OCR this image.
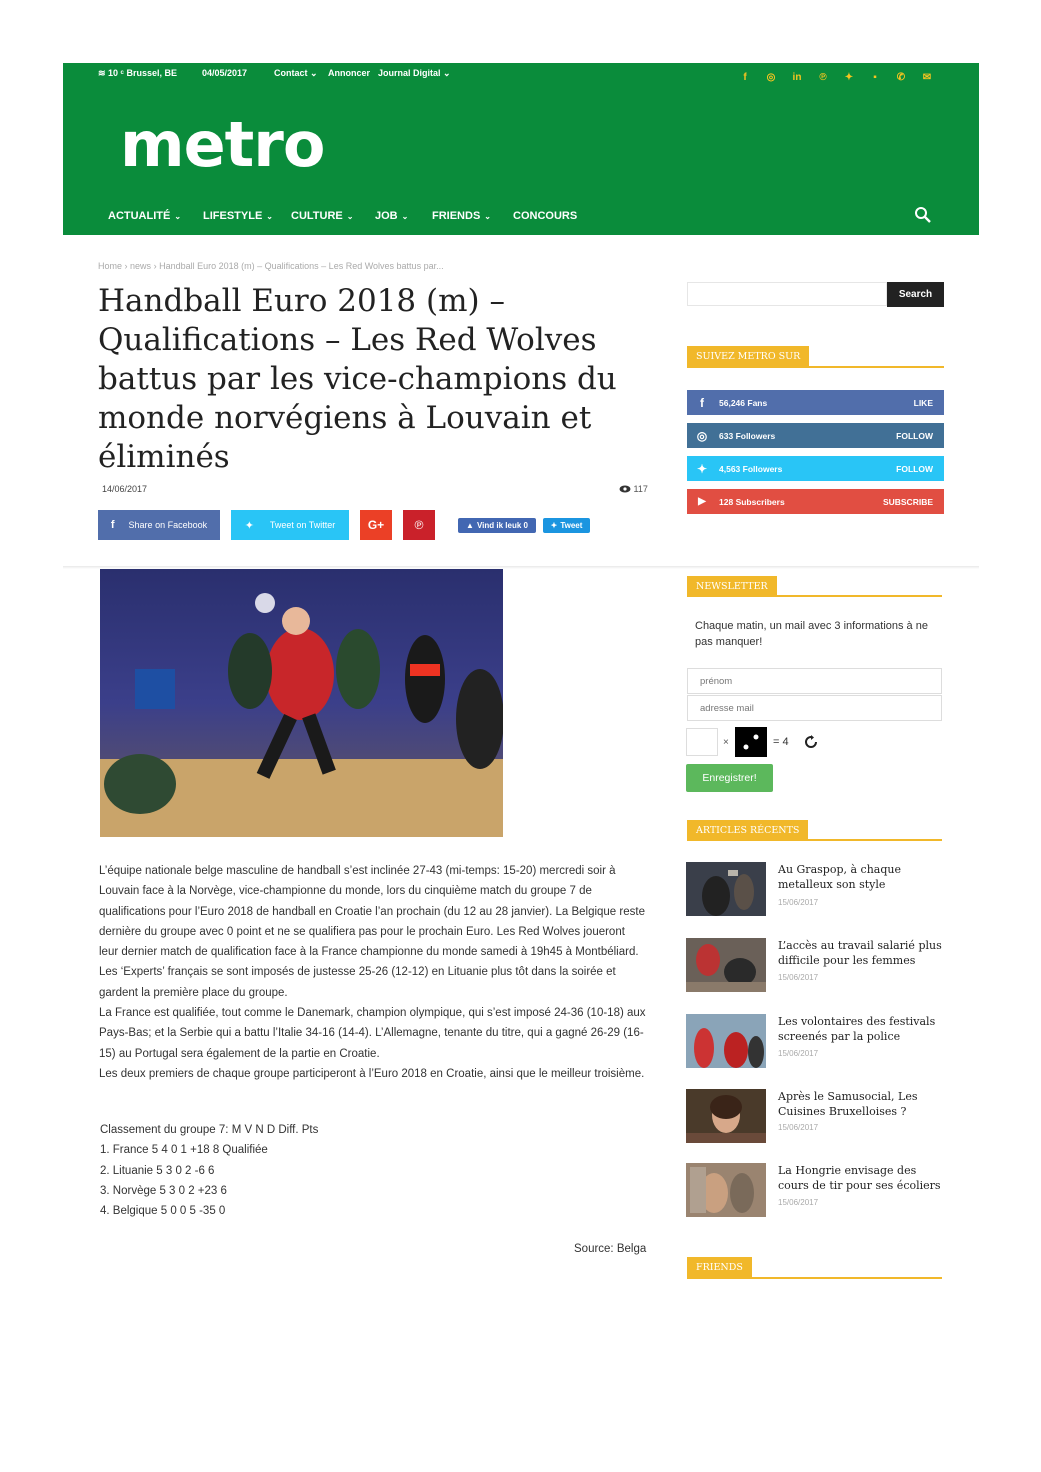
≋ 10 ᶜ Brussel, BE	04/05/2017	Contact ⌄ Annoncer Journal Digital ⌄	f ◎ in ℗ ✦ ▪ ✆ ✉
metro
ACTUALITÉ ⌄ LIFESTYLE ⌄ CULTURE ⌄ JOB ⌄ FRIENDS ⌄ CONCOURS
Home › news › Handball Euro 2018 (m) – Qualifications – Les Red Wolves battus par...
Handball Euro 2018 (m) – Qualifications – Les Red Wolves battus par les vice-champions du monde norvégiens à Louvain et éliminés
14/06/2017	117
f Share on Facebook	✦ Tweet on Twitter	G+	℗	▲ Vind ik leuk 0	✦ Tweet

L’équipe nationale belge masculine de handball s’est inclinée 27-43 (mi-temps: 15-20) mercredi soir à Louvain face à la Norvège, vice-championne du monde, lors du cinquième match du groupe 7 de qualifications pour l’Euro 2018 de handball en Croatie l’an prochain (du 12 au 28 janvier). La Belgique reste dernière du groupe avec 0 point et ne se qualifiera pas pour le prochain Euro. Les Red Wolves joueront leur dernier match de qualification face à la France championne du monde samedi à 19h45 à Montbéliard. Les ‘Experts’ français se sont imposés de justesse 25-26 (12-12) en Lituanie plus tôt dans la soirée et gardent la première place du groupe.

La France est qualifiée, tout comme le Danemark, champion olympique, qui s’est imposé 24-36 (10-18) aux Pays-Bas; et la Serbie qui a battu l’Italie 34-16 (14-4). L’Allemagne, tenante du titre, qui a gagné 26-29 (16-15) au Portugal sera également de la partie en Croatie.

Les deux premiers de chaque groupe participeront à l’Euro 2018 en Croatie, ainsi que le meilleur troisième.

Classement du groupe 7: M V N D Diff. Pts
1. France 5 4 0 1 +18 8 Qualifiée
2. Lituanie 5 3 0 2 -6 6
3. Norvège 5 3 0 2 +23 6
4. Belgique 5 0 0 5 -35 0
Source: Belga
Search
SUIVEZ METRO SUR
f	56,246
Fans	LIKE
◎	633
Followers	FOLLOW
✦	4,563
Followers	FOLLOW
▶	128
Subscribers	SUBSCRIBE
NEWSLETTER
Chaque matin, un mail avec 3 informations à ne pas manquer!
prénom
adresse mail
×	= 4
Enregistrer!
ARTICLES RÉCENTS
Au Graspop, à chaque metalleux son style
15/06/2017
L’accès au travail salarié plus difficile pour les femmes
15/06/2017
Les volontaires des festivals screenés par la police
15/06/2017
Après le Samusocial, Les Cuisines Bruxelloises ?
15/06/2017
La Hongrie envisage des cours de tir pour ses écoliers
15/06/2017
FRIENDS
